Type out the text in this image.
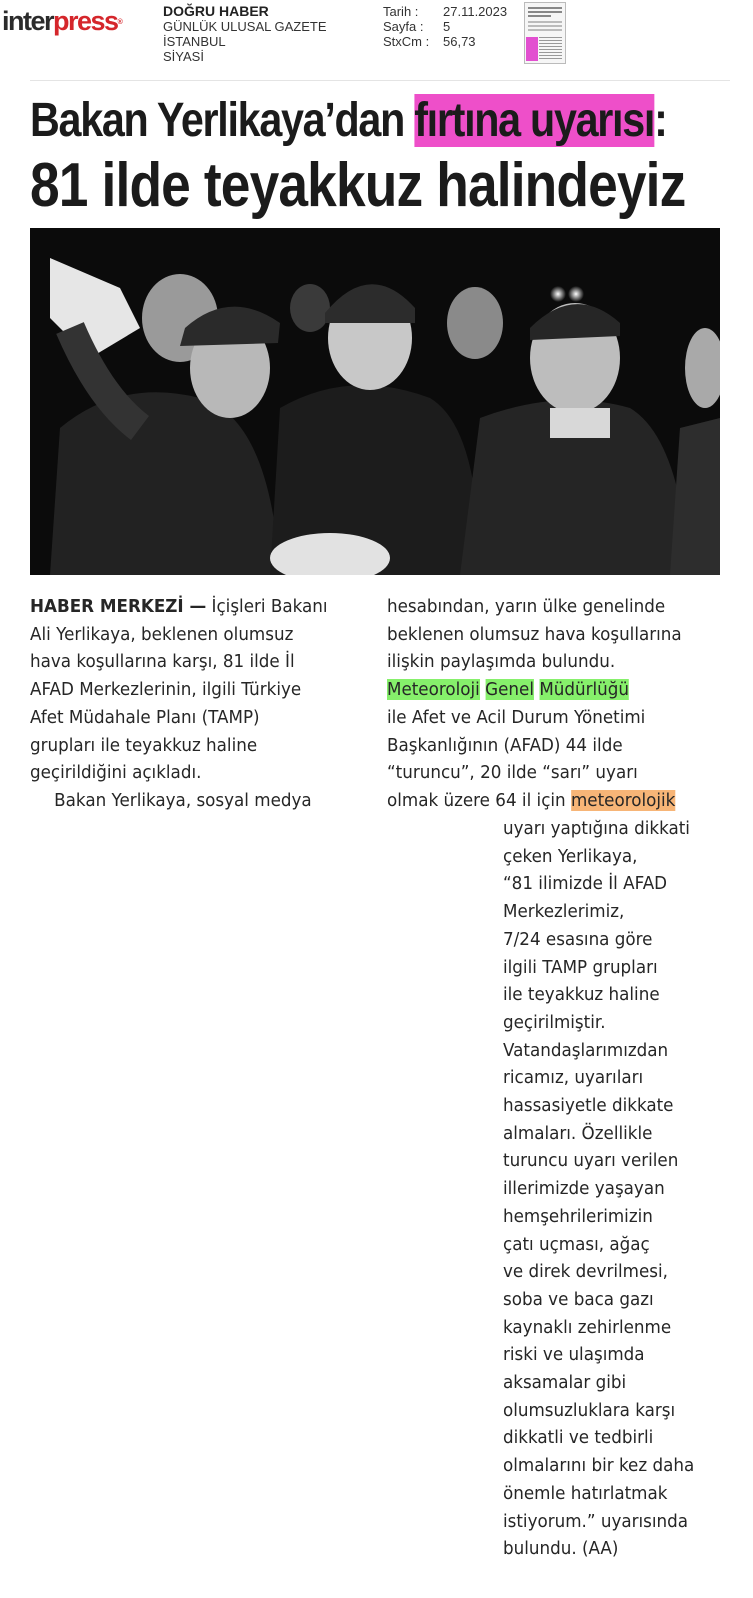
interpress®
DOĞRU HABER
GÜNLÜK ULUSAL GAZETE
İSTANBUL
SİYASİ
Tarih :	27.11.2023
Sayfa :	5
StxCm :	56,73
Bakan Yerlikaya’dan fırtına uyarısı:
81 ilde teyakkuz halindeyiz
HABER MERKEZİ — İçişleri Bakanı
Ali Yerlikaya, beklenen olumsuz
hava koşullarına karşı, 81 ilde İl
AFAD Merkezlerinin, ilgili Türkiye
Afet Müdahale Planı (TAMP)
grupları ile teyakkuz haline
geçirildiğini açıkladı.
Bakan Yerlikaya, sosyal medya
hesabından, yarın ülke genelinde
beklenen olumsuz hava koşullarına
ilişkin paylaşımda bulundu.
Meteoroloji Genel Müdürlüğü
ile Afet ve Acil Durum Yönetimi
Başkanlığının (AFAD) 44 ilde
“turuncu”, 20 ilde “sarı” uyarı
olmak üzere 64 il için meteorolojik
uyarı yaptığına dikkati
çeken Yerlikaya,
“81 ilimizde İl AFAD
Merkezlerimiz,
7/24 esasına göre
ilgili TAMP grupları
ile teyakkuz haline
geçirilmiştir.
Vatandaşlarımızdan
ricamız, uyarıları
hassasiyetle dikkate
almaları. Özellikle
turuncu uyarı verilen
illerimizde yaşayan
hemşehrilerimizin
çatı uçması, ağaç
ve direk devrilmesi,
soba ve baca gazı
kaynaklı zehirlenme
riski ve ulaşımda
aksamalar gibi
olumsuzluklara karşı
dikkatli ve tedbirli
olmalarını bir kez daha
önemle hatırlatmak
istiyorum.” uyarısında
bulundu. (AA)
